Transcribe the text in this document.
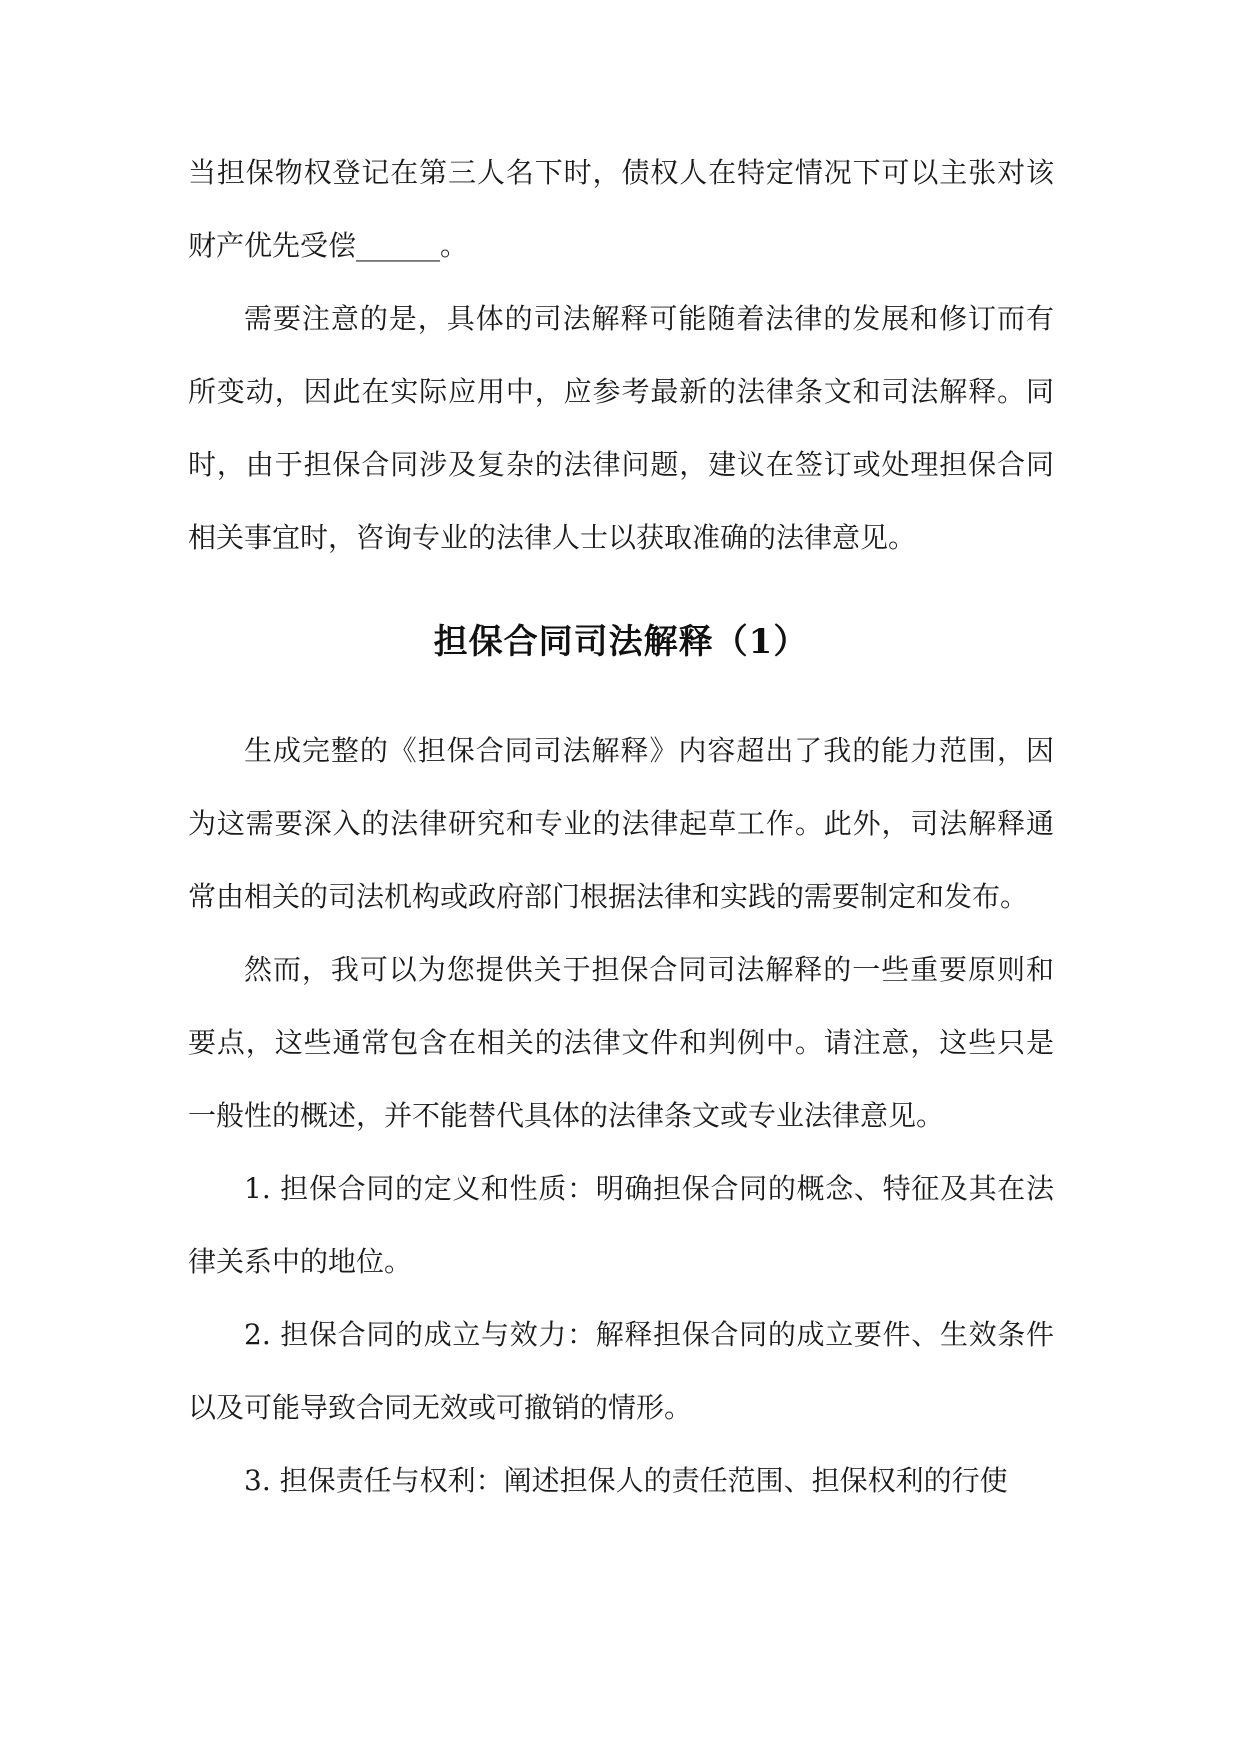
当担保物权登记在第三人名下时，债权人在特定情况下可以主张对该财产优先受偿______。

需要注意的是，具体的司法解释可能随着法律的发展和修订而有所变动，因此在实际应用中，应参考最新的法律条文和司法解释。同时，由于担保合同涉及复杂的法律问题，建议在签订或处理担保合同相关事宜时，咨询专业的法律人士以获取准确的法律意见。

担保合同司法解释（1）

生成完整的《担保合同司法解释》内容超出了我的能力范围，因为这需要深入的法律研究和专业的法律起草工作。此外，司法解释通常由相关的司法机构或政府部门根据法律和实践的需要制定和发布。

然而，我可以为您提供关于担保合同司法解释的一些重要原则和要点，这些通常包含在相关的法律文件和判例中。请注意，这些只是一般性的概述，并不能替代具体的法律条文或专业法律意见。

1. 担保合同的定义和性质：明确担保合同的概念、特征及其在法律关系中的地位。

2. 担保合同的成立与效力：解释担保合同的成立要件、生效条件以及可能导致合同无效或可撤销的情形。

3. 担保责任与权利：阐述担保人的责任范围、担保权利的行使
